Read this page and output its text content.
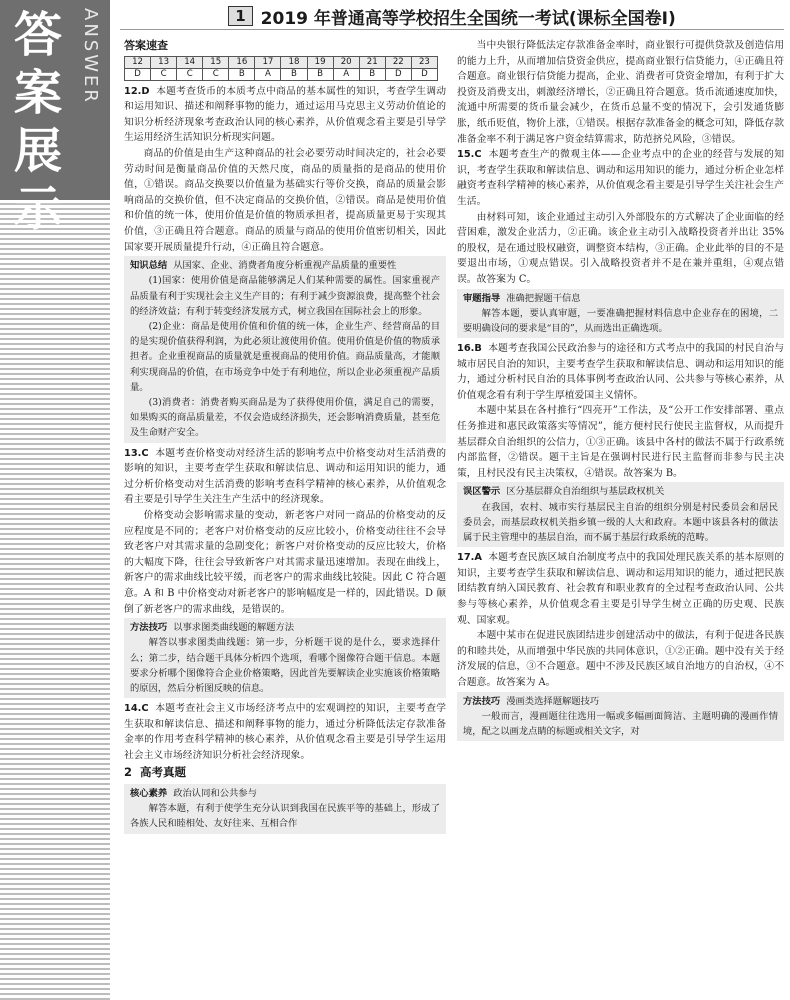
答案展示
ANSWER	1 2019 年普通高等学校招生全国统一考试(课标全国卷Ⅰ)
答案速查
12	13	14	15	16	17	18	19	20	21	22	23
D	C	C	C	B	A	B	B	A	B	D	D

12.D 本题考查货币的本质考点中商品的基本属性的知识，考查学生调动和运用知识、描述和阐释事物的能力，通过运用马克思主义劳动价值论的知识分析经济现象考查政治认同的核心素养，从价值观念看主要是引导学生运用经济生活知识分析现实问题。

商品的价值是由生产这种商品的社会必要劳动时间决定的，社会必要劳动时间是衡量商品价值的天然尺度，商品的质量指的是商品的使用价值，①错误。商品交换要以价值量为基础实行等价交换，商品的质量会影响商品的交换价值，但不决定商品的交换价值，②错误。商品是使用价值和价值的统一体，使用价值是价值的物质承担者，提高质量更易于实现其价值，③正确且符合题意。商品的质量与商品的使用价值密切相关，因此国家要开展质量提升行动，④正确且符合题意。

知识总结 从国家、企业、消费者角度分析重视产品质量的重要性

(1)国家：使用价值是商品能够满足人们某种需要的属性。国家重视产品质量有利于实现社会主义生产目的；有利于减少资源浪费，提高整个社会的经济效益；有利于转变经济发展方式，树立我国在国际社会上的形象。

(2)企业：商品是使用价值和价值的统一体，企业生产、经营商品的目的是实现价值获得利润，为此必须让渡使用价值。使用价值是价值的物质承担者。企业重视商品的质量就是重视商品的使用价值。商品质量高，才能顺利实现商品的价值，在市场竞争中处于有利地位，所以企业必须重视产品质量。

(3)消费者：消费者购买商品是为了获得使用价值，满足自己的需要，如果购买的商品质量差，不仅会造成经济损失，还会影响消费质量，甚至危及生命财产安全。

13.C 本题考查价格变动对经济生活的影响考点中价格变动对生活消费的影响的知识，主要考查学生获取和解读信息、调动和运用知识的能力，通过分析价格变动对生活消费的影响考查科学精神的核心素养，从价值观念看主要是引导学生关注生产生活中的经济现象。

价格变动会影响需求量的变动，新老客户对同一商品的价格变动的反应程度是不同的；老客户对价格变动的反应比较小，价格变动往往不会导致老客户对其需求量的急剧变化；新客户对价格变动的反应比较大，价格的大幅度下降，往往会导致新客户对其需求量迅速增加。表现在曲线上，新客户的需求曲线比较平缓，而老客户的需求曲线比较陡。因此 C 符合题意。A 和 B 中价格变动对新老客户的影响幅度是一样的，因此错误。D 颠倒了新老客户的需求曲线，是错误的。

方法技巧 以事求图类曲线题的解题方法

解答以事求图类曲线题：第一步，分析题干说的是什么，要求选择什么；第二步，结合题干具体分析四个选项，看哪个图像符合题干信息。本题要求分析哪个图像符合企业价格策略，因此首先要解读企业实施该价格策略的原因，然后分析图反映的信息。

14.C 本题考查社会主义市场经济考点中的宏观调控的知识，主要考查学生获取和解读信息、描述和阐释事物的能力，通过分析降低法定存款准备金率的作用考查科学精神的核心素养，从价值观念看主要是引导学生运用社会主义市场经济知识分析社会经济现象。

2 高考真题
核心素养 政治认同和公共参与

解答本题，有利于使学生充分认识到我国在民族平等的基础上，形成了各族人民和睦相处、友好往来、互相合作

当中央银行降低法定存款准备金率时，商业银行可提供贷款及创造信用的能力上升，从而增加信贷资金供应，提高商业银行信贷能力，④正确且符合题意。商业银行信贷能力提高，企业、消费者可贷资金增加，有利于扩大投资及消费支出，刺激经济增长，②正确且符合题意。货币流通速度加快，流通中所需要的货币量会减少，在货币总量不变的情况下，会引发通货膨胀，纸币贬值，物价上涨，①错误。根据存款准备金的概念可知，降低存款准备金率不利于满足客户资金结算需求，防范挤兑风险，③错误。

15.C 本题考查生产的微观主体——企业考点中的企业的经营与发展的知识，考查学生获取和解读信息、调动和运用知识的能力，通过分析企业怎样融资考查科学精神的核心素养，从价值观念看主要是引导学生关注社会生产生活。

由材料可知，该企业通过主动引入外部股东的方式解决了企业面临的经营困难，激发企业活力，②正确。该企业主动引入战略投资者并出让 35% 的股权，是在通过股权融资，调整资本结构，③正确。企业此举的目的不是要退出市场，①观点错误。引入战略投资者并不是在兼并重组，④观点错误。故答案为 C。

审题指导 准确把握题干信息

解答本题，要认真审题，一要准确把握材料信息中企业存在的困境，二要明确设问的要求是“目的”，从而选出正确选项。

16.B 本题考查我国公民政治参与的途径和方式考点中的我国的村民自治与城市居民自治的知识，主要考查学生获取和解读信息、调动和运用知识的能力，通过分析村民自治的具体事例考查政治认同、公共参与等核心素养，从价值观念看有利于学生厚植爱国主义情怀。

本题中某县在各村推行“四亮开”工作法，及“公开工作安排部署、重点任务推进和惠民政策落实等情况”，能方便村民行使民主监督权，从而提升基层群众自治组织的公信力，①③正确。该县中各村的做法不属于行政系统内部监督，②错误。题干主旨是在强调村民进行民主监督而非参与民主决策，且村民没有民主决策权，④错误。故答案为 B。

误区警示 区分基层群众自治组织与基层政权机关

在我国，农村、城市实行基层民主自治的组织分别是村民委员会和居民委员会，而基层政权机关指乡镇一级的人大和政府。本题中该县各村的做法属于民主管理中的基层自治，而不属于基层行政系统的范畴。

17.A 本题考查民族区域自治制度考点中的我国处理民族关系的基本原则的知识，主要考查学生获取和解读信息、调动和运用知识的能力，通过把民族团结教育纳入国民教育、社会教育和职业教育的全过程考查政治认同、公共参与等核心素养，从价值观念看主要是引导学生树立正确的历史观、民族观、国家观。

本题中某市在促进民族团结进步创建活动中的做法，有利于促进各民族的和睦共处，从而增强中华民族的共同体意识，①②正确。题中没有关于经济发展的信息，③不合题意。题中不涉及民族区域自治地方的自治权，④不合题意。故答案为 A。

方法技巧 漫画类选择题解题技巧

一般而言，漫画题往往选用一幅或多幅画面简洁、主题明确的漫画作情境，配之以画龙点睛的标题或相关文字，对
